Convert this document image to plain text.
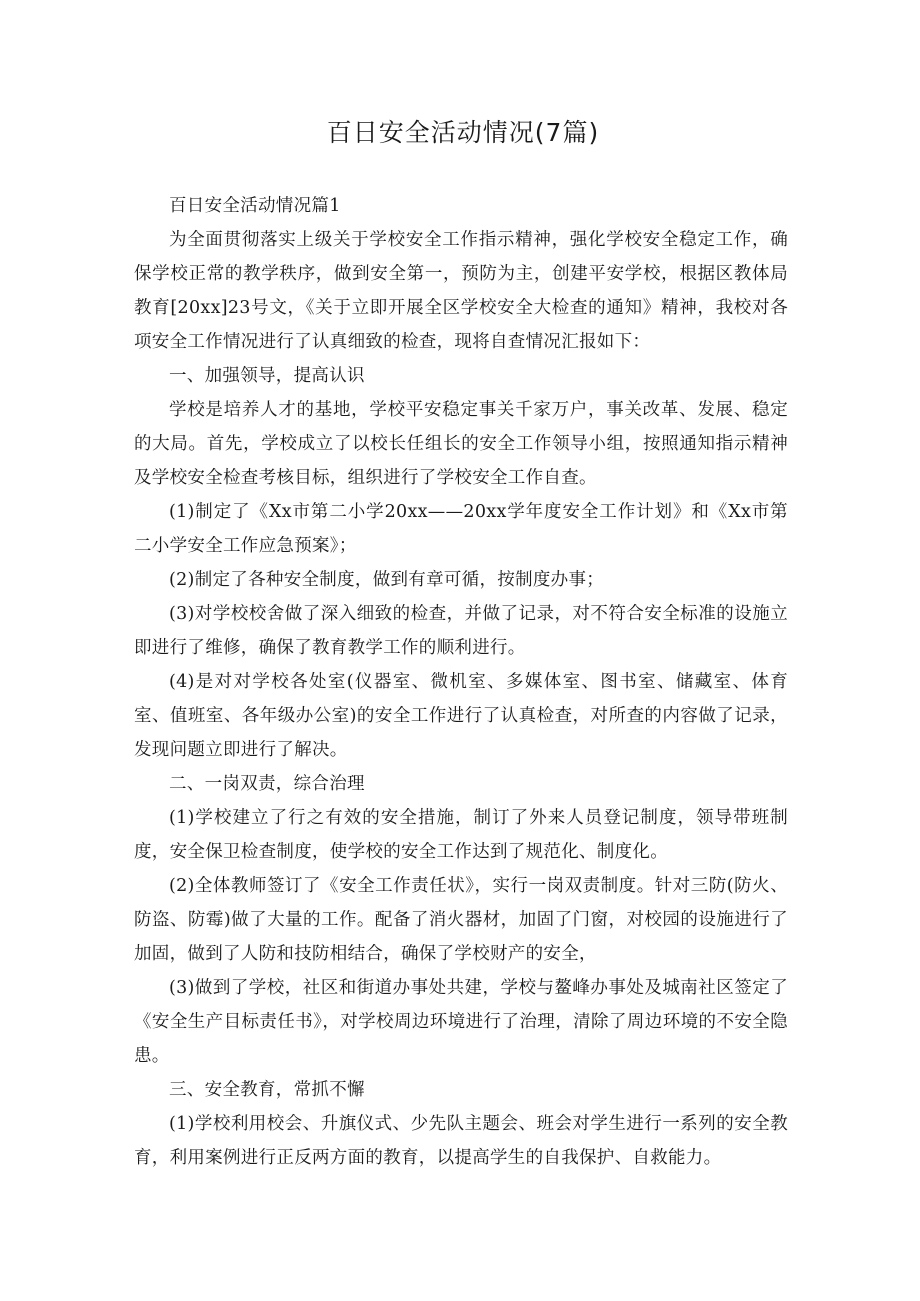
百日安全活动情况(7篇)

百日安全活动情况篇1

为全面贯彻落实上级关于学校安全工作指示精神，强化学校安全稳定工作，确保学校正常的教学秩序，做到安全第一，预防为主，创建平安学校，根据区教体局教育[20xx]23号文，《关于立即开展全区学校安全大检查的通知》精神，我校对各项安全工作情况进行了认真细致的检查，现将自查情况汇报如下：

一、加强领导，提高认识

学校是培养人才的基地，学校平安稳定事关千家万户，事关改革、发展、稳定的大局。首先，学校成立了以校长任组长的安全工作领导小组，按照通知指示精神及学校安全检查考核目标，组织进行了学校安全工作自查。

(1)制定了《Xx市第二小学20xx——20xx学年度安全工作计划》和《Xx市第二小学安全工作应急预案》；

(2)制定了各种安全制度，做到有章可循，按制度办事；

(3)对学校校舍做了深入细致的检查，并做了记录，对不符合安全标准的设施立即进行了维修，确保了教育教学工作的顺利进行。

(4)是对对学校各处室(仪器室、微机室、多媒体室、图书室、储藏室、体育室、值班室、各年级办公室)的安全工作进行了认真检查，对所查的内容做了记录，发现问题立即进行了解决。

二、一岗双责，综合治理

(1)学校建立了行之有效的安全措施，制订了外来人员登记制度，领导带班制度，安全保卫检查制度，使学校的安全工作达到了规范化、制度化。

(2)全体教师签订了《安全工作责任状》，实行一岗双责制度。针对三防(防火、防盗、防霉)做了大量的工作。配备了消火器材，加固了门窗，对校园的设施进行了加固，做到了人防和技防相结合，确保了学校财产的安全，

(3)做到了学校，社区和街道办事处共建，学校与鳌峰办事处及城南社区签定了《安全生产目标责任书》，对学校周边环境进行了治理，清除了周边环境的不安全隐患。

三、安全教育，常抓不懈

(1)学校利用校会、升旗仪式、少先队主题会、班会对学生进行一系列的安全教育，利用案例进行正反两方面的教育，以提高学生的自我保护、自救能力。
